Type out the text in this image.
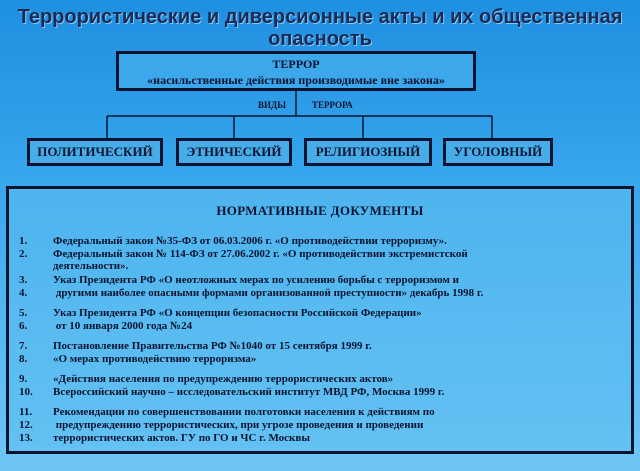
Террористические и диверсионные акты и их общественная
опасность
ТЕРРОР
«насильственные действия производимые вне закона»
ВИДЫ	ТЕРРОРА
ПОЛИТИЧЕСКИЙ	ЭТНИЧЕСКИЙ	РЕЛИГИОЗНЫЙ	УГОЛОВНЫЙ
НОРМАТИВНЫЕ ДОКУМЕНТЫ
1. Федеральный закон №35-ФЗ от 06.03.2006 г. «О противодействии терроризму».
2. Федеральный закон № 114-ФЗ от 27.06.2002 г. «О противодействии экстремистской
деятельности».
3. Указ Президента РФ «О неотложных мерах по усилению борьбы с терроризмом и
4. другими наиболее опасными формами организованной преступности» декабрь 1998 г.
5. Указ Президента РФ «О концепции безопасности Российской Федерации»
6. от 10 января 2000 года №24
7. Постановление Правительства РФ №1040 от 15 сентября 1999 г.
8. «О мерах противодействию терроризма»
9. «Действия населения по предупреждению террористических актов»
10. Всероссийский научно – исследовательский институт МВД РФ, Москва 1999 г.
11. Рекомендации по совершенствовании полготовки населения к действиям по
12. предупреждению террористических, при угрозе проведения и проведении
13. террористических актов. ГУ по ГО и ЧС г. Москвы
